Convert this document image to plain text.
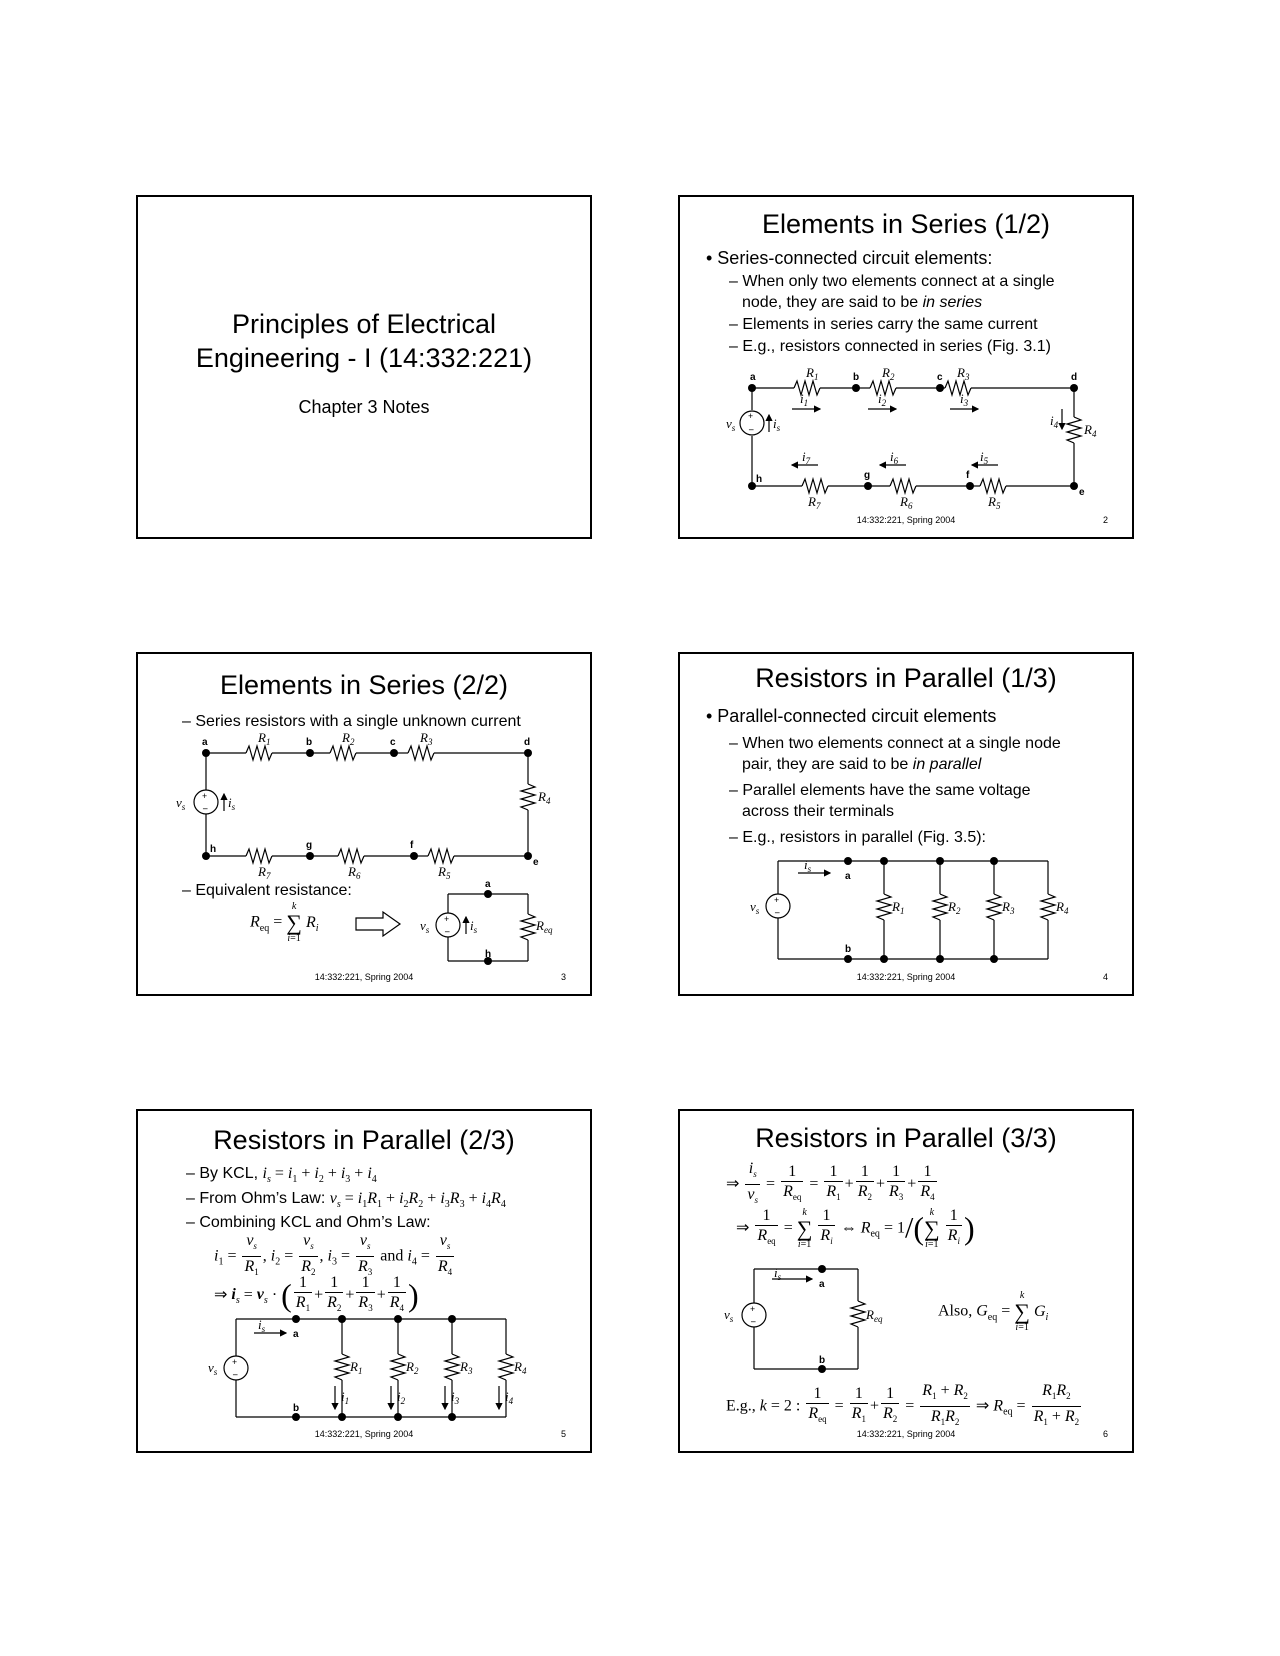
Principles of Electrical
Engineering - I (14:332:221)
Chapter 3 Notes
Elements in Series (1/2)
• Series-connected circuit elements:
– When only two elements connect at a single
node, they are said to be in series
– Elements in series carry the same current
– E.g., resistors connected in series (Fig. 3.1)
a	b	c	d
e
f
g
h
+
–
$R_1$	$R_2$	$R_3$
$R_4$
$R_5$
$R_6$
$R_7$
$i_1$	$i_2$	$i_3$
$i_4$
$i_5$
$i_6$
$i_7$
$v_s$	$i_s$
14:332:221, Spring 2004	2
Elements in Series (2/2)
– Series resistors with a single unknown current
a	b	c	d
e
f
g
h
a
h
+
–
+
–
$R_1$	$R_2$	$R_3$
$R_4$
$R_5$
$R_6$
$R_7$
$v_s$	$i_s$
$v_s$	$i_s$	$R_{eq}$
– Equivalent resistance:
$R_{eq} = k$
∑
i=1 $R_i$
14:332:221, Spring 2004	3
Resistors in Parallel (1/3)
• Parallel-connected circuit elements
– When two elements connect at a single node
pair, they are said to be in parallel
– Parallel elements have the same voltage
across their terminals
– E.g., resistors in parallel (Fig. 3.5):
a
b
+
–
$v_s$
$i_s$
$R_1$	$R_2$	$R_3$	$R_4$
14:332:221, Spring 2004	4
Resistors in Parallel (2/3)
– By KCL, $i_s = i_1 + i_2 + i_3 + i_4$
– From Ohm’s Law: $v_s = i_1R_1 + i_2R_2 + i_3R_3 + i_4R_4$
– Combining KCL and Ohm’s Law:
$i_1 = \frac{v_s}{R_1}$ , $i_2 = \frac{v_s}{R_2}$ , $i_3 = \frac{v_s}{R_3}$ and $i_4 = \frac{v_s}{R_4}$
⇒ $i_s = v_s$ · ( $\frac{1}{R_1} + \frac{1}{R_2} + \frac{1}{R_3} + \frac{1}{R_4}$ )
a
b
+
–
$v_s$
$i_s$
$R_1$	$R_2$	$R_3$	$R_4$
$i_1$	$i_2$	$i_3$	$i_4$
14:332:221, Spring 2004	5
Resistors in Parallel (3/3)
⇒ $\frac{i_s}{v_s} = \frac{1}{R_{eq}} = \frac{1}{R_1} + \frac{1}{R_2} + \frac{1}{R_3} + \frac{1}{R_4}$
⇒ $\frac{1}{R_{eq}} = k$
∑
$i=1 \frac{1}{R_i}$ ⇔ $R_{eq} = 1/$( k
∑
$i=1 \frac{1}{R_i}$ )
a
b
+
–
$v_s$
$i_s$
$R_{eq}$	Also, $G_{eq} = k$
∑
i=1 $G_i$
E.g., k = 2 : $\frac{1}{R_{eq}} = \frac{1}{R_1} + \frac{1}{R_2} = \frac{R_1 + R_2}{R_1R_2}$ ⇒ $R_{eq} = \frac{R_1R_2}{R_1 + R_2}$
14:332:221, Spring 2004	6
